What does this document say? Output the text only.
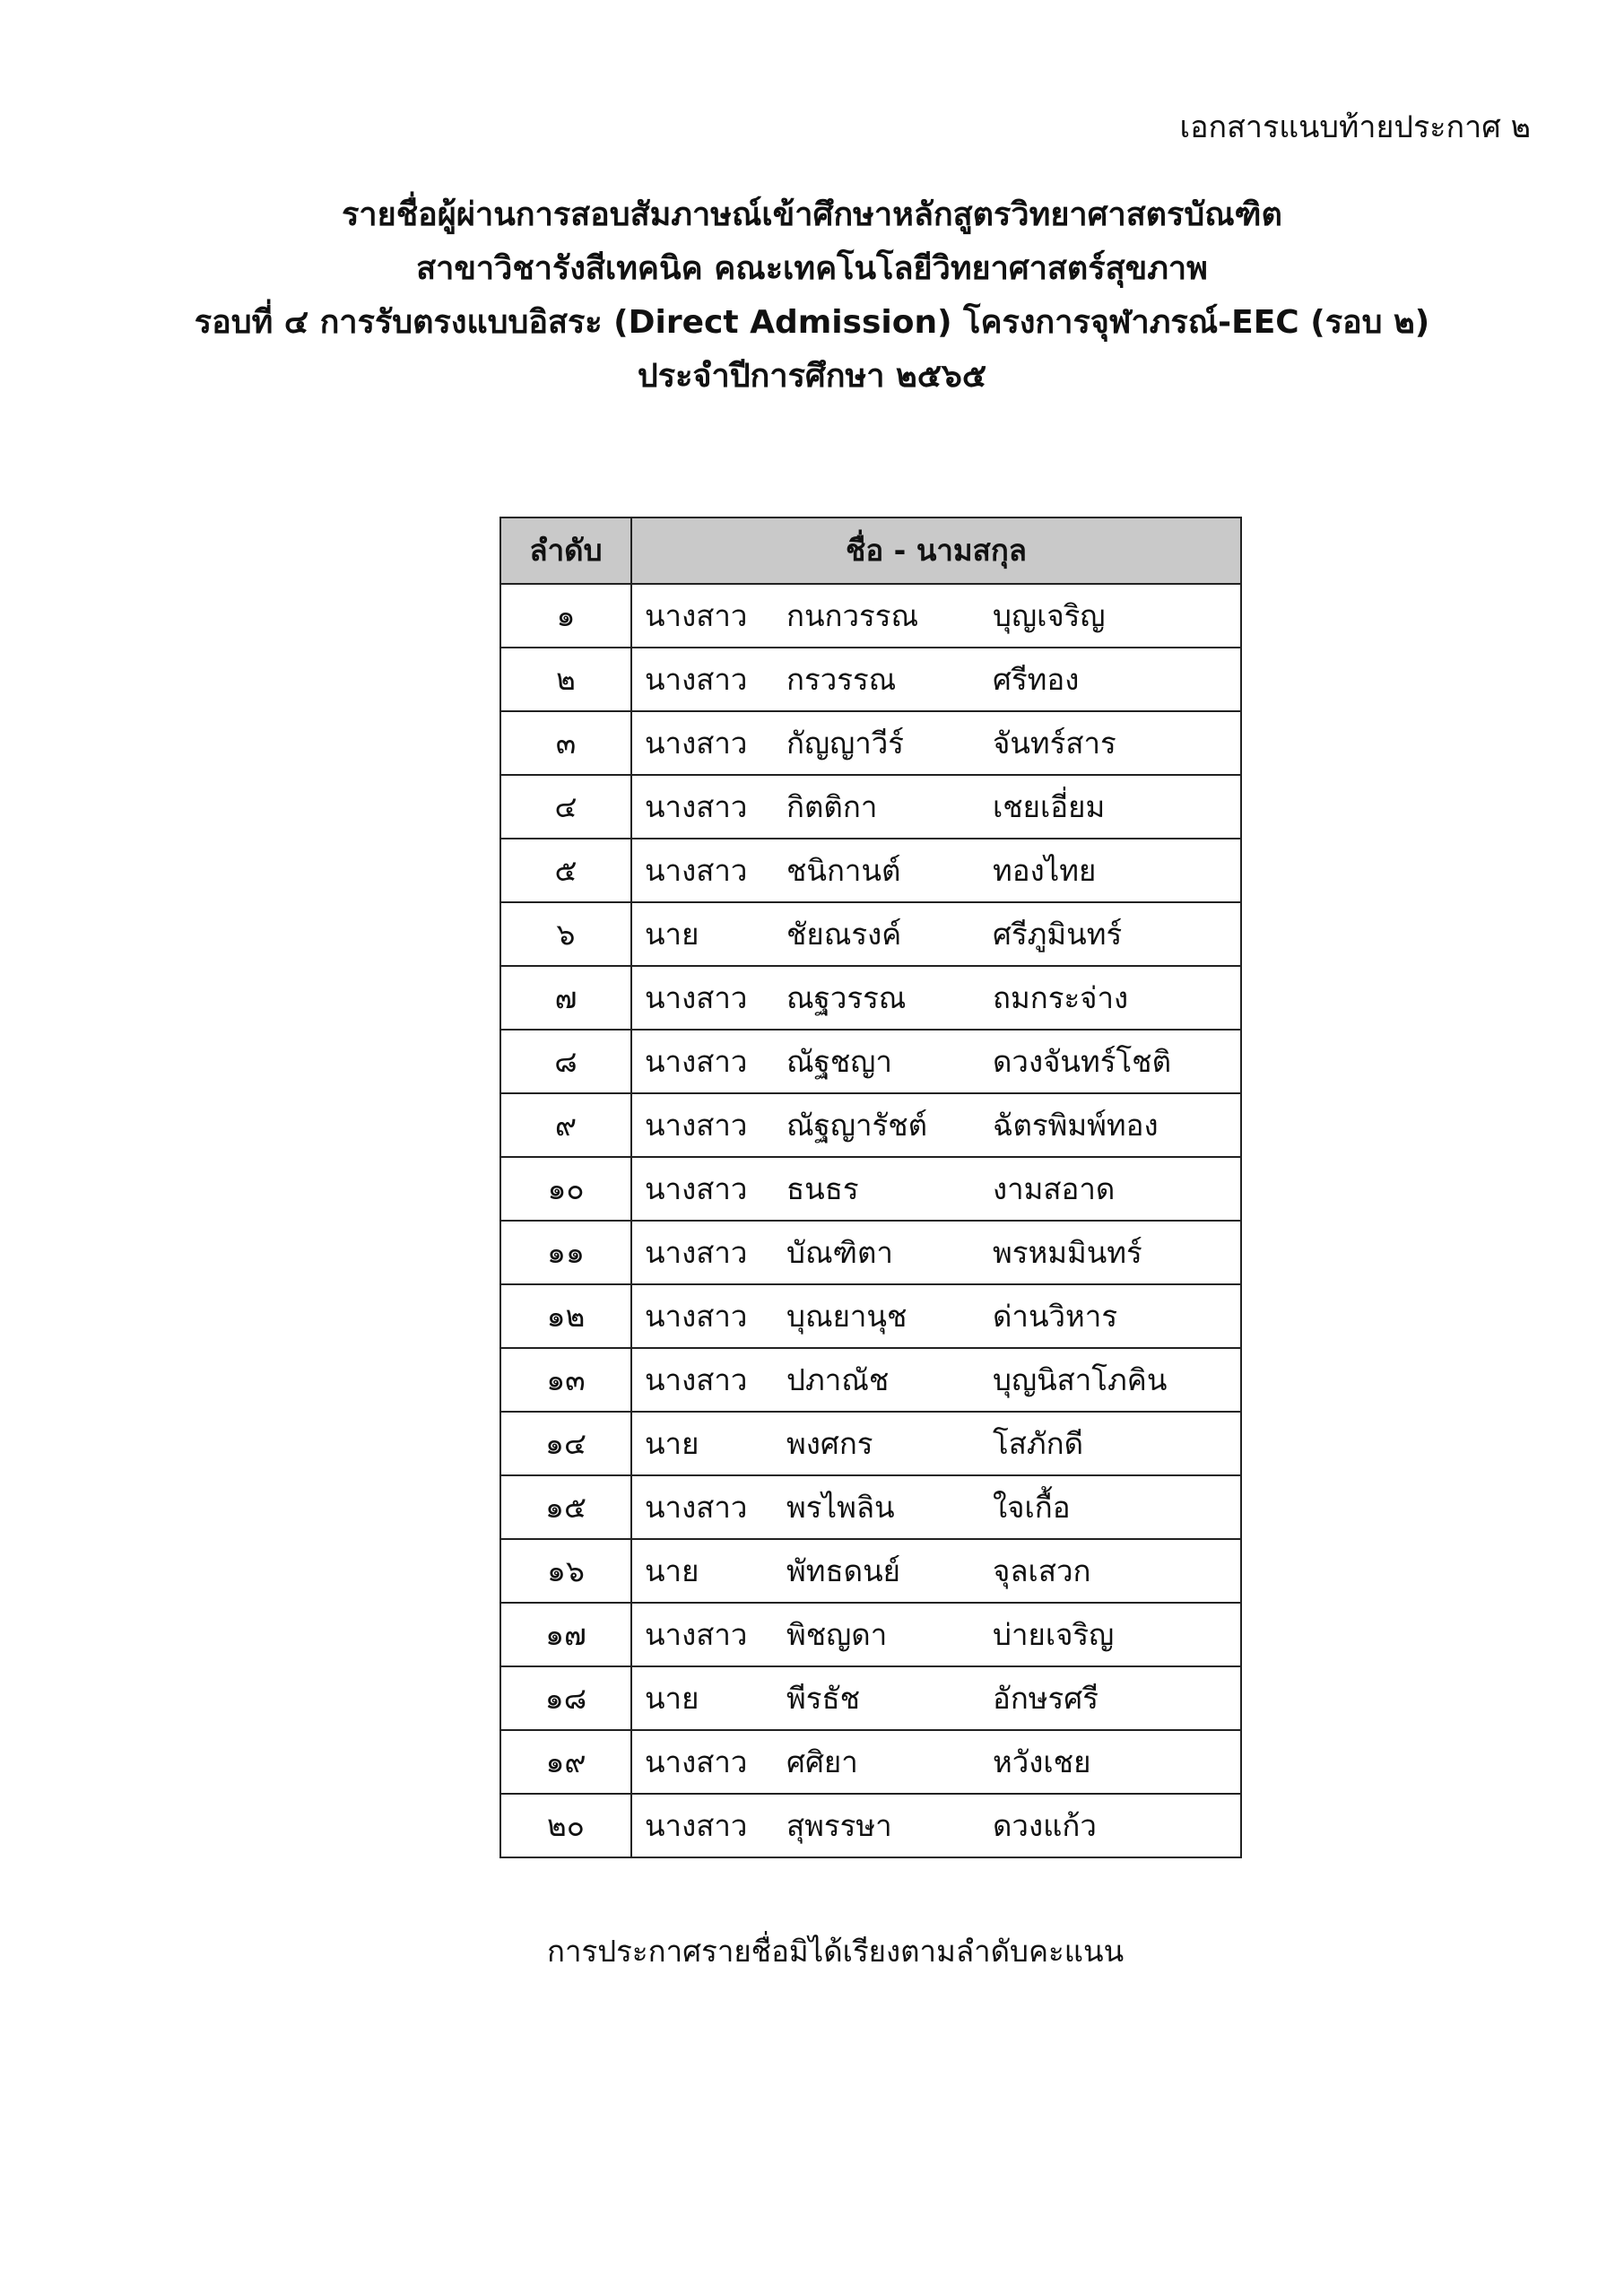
เอกสารแนบท้ายประกาศ ๒
รายชื่อผู้ผ่านการสอบสัมภาษณ์เข้าศึกษาหลักสูตรวิทยาศาสตรบัณฑิต
สาขาวิชารังสีเทคนิค คณะเทคโนโลยีวิทยาศาสตร์สุขภาพ
รอบที่ ๔ การรับตรงแบบอิสระ (Direct Admission) โครงการจุฬาภรณ์-EEC (รอบ ๒)
ประจำปีการศึกษา ๒๕๖๕
ลำดับ	ชื่อ - นามสกุล
๑	นางสาว กนกวรรณ บุญเจริญ
๒	นางสาว กรวรรณ ศรีทอง
๓	นางสาว กัญญาวีร์ จันทร์สาร
๔	นางสาว กิตติกา เชยเอี่ยม
๕	นางสาว ชนิกานต์ ทองไทย
๖	นาย ชัยณรงค์ ศรีภูมินทร์
๗	นางสาว ณฐวรรณ ถมกระจ่าง
๘	นางสาว ณัฐชญา ดวงจันทร์โชติ
๙	นางสาว ณัฐญารัชต์ ฉัตรพิมพ์ทอง
๑๐	นางสาว ธนธร งามสอาด
๑๑	นางสาว บัณฑิตา พรหมมินทร์
๑๒	นางสาว บุณยานุช ด่านวิหาร
๑๓	นางสาว ปภาณัช บุญนิสาโภคิน
๑๔	นาย พงศกร โสภักดี
๑๕	นางสาว พรไพลิน ใจเกื้อ
๑๖	นาย พัทธดนย์ จุลเสวก
๑๗	นางสาว พิชญดา บ่ายเจริญ
๑๘	นาย พีรธัช อักษรศรี
๑๙	นางสาว ศศิยา หวังเชย
๒๐	นางสาว สุพรรษา ดวงแก้ว
การประกาศรายชื่อมิได้เรียงตามลำดับคะแนน
